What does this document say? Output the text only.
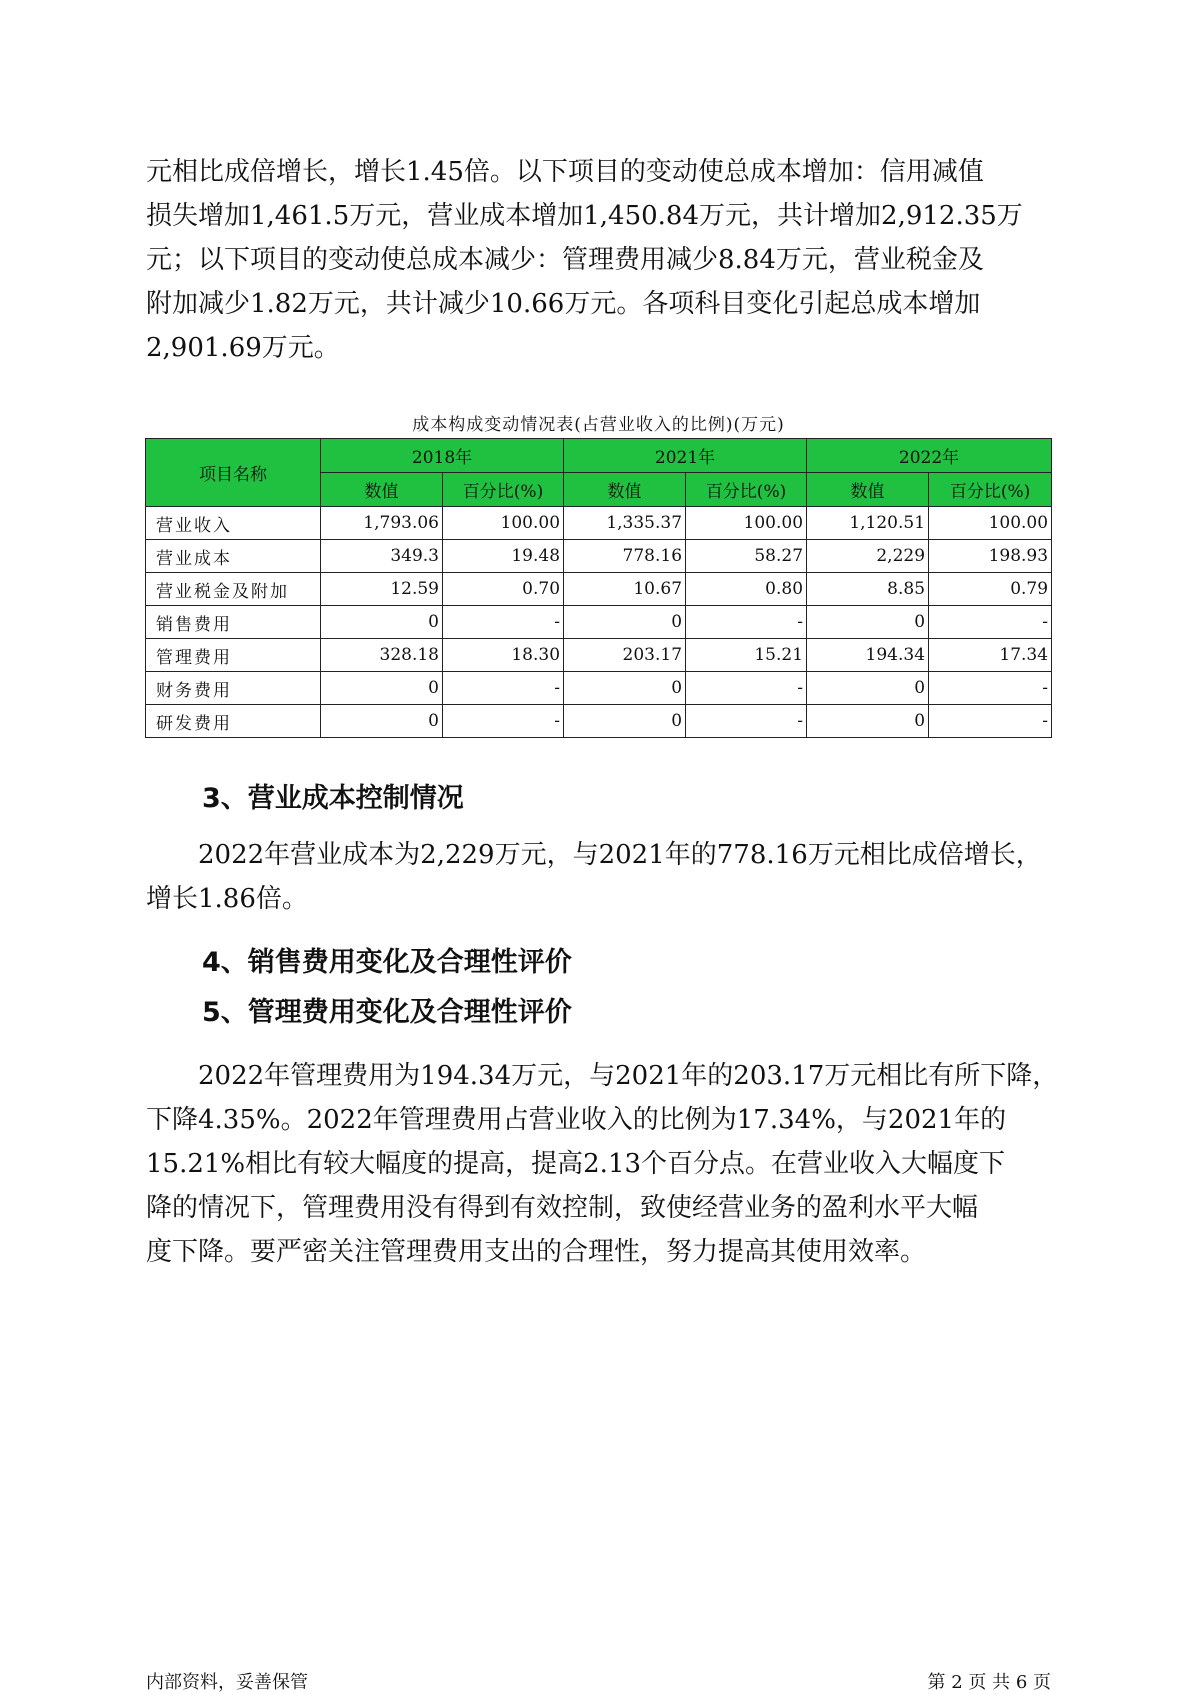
元相比成倍增长，增长1.45倍。以下项目的变动使总成本增加：信用减值

损失增加1,461.5万元，营业成本增加1,450.84万元，共计增加2,912.35万

元；以下项目的变动使总成本减少：管理费用减少8.84万元，营业税金及

附加减少1.82万元，共计减少10.66万元。各项科目变化引起总成本增加

2,901.69万元。

成本构成变动情况表(占营业收入的比例)(万元)
项目名称	2018年		2021年		2022年	
	数值	百分比(%)	数值	百分比(%)	数值	百分比(%)
营业收入	1,793.06	100.00	1,335.37	100.00	1,120.51	100.00
营业成本	349.3	19.48	778.16	58.27	2,229	198.93
营业税金及附加	12.59	0.70	10.67	0.80	8.85	0.79
销售费用	0	-	0	-	0	-
管理费用	328.18	18.30	203.17	15.21	194.34	17.34
财务费用	0	-	0	-	0	-
研发费用	0	-	0	-	0	-
3、营业成本控制情况

2022年营业成本为2,229万元，与2021年的778.16万元相比成倍增长，

增长1.86倍。

4、销售费用变化及合理性评价
5、管理费用变化及合理性评价

2022年管理费用为194.34万元，与2021年的203.17万元相比有所下降，

下降4.35%。2022年管理费用占营业收入的比例为17.34%，与2021年的

15.21%相比有较大幅度的提高，提高2.13个百分点。在营业收入大幅度下

降的情况下，管理费用没有得到有效控制，致使经营业务的盈利水平大幅

度下降。要严密关注管理费用支出的合理性，努力提高其使用效率。

内部资料，妥善保管	第 2 页 共 6 页
